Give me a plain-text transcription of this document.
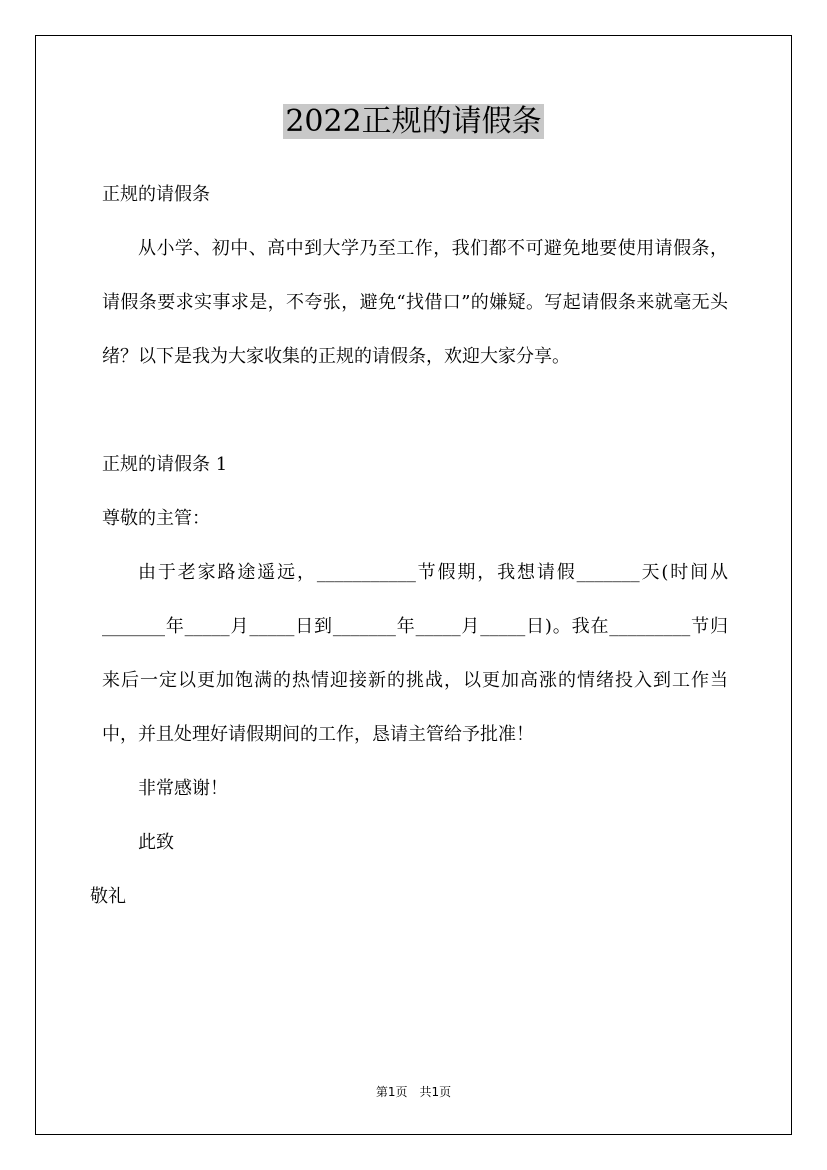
2022正规的请假条

正规的请假条

从小学、初中、高中到大学乃至工作，我们都不可避免地要使用请假条，请假条要求实事求是，不夸张，避免“找借口”的嫌疑。写起请假条来就毫无头绪？以下是我为大家收集的正规的请假条，欢迎大家分享。

正规的请假条 1

尊敬的主管：

由于老家路途遥远，___________节假期，我想请假_______天(时间从_______年_____月_____日到_______年_____月_____日)。我在_________节归来后一定以更加饱满的热情迎接新的挑战，以更加高涨的情绪投入到工作当中，并且处理好请假期间的工作，恳请主管给予批准！

非常感谢！

此致

敬礼

第1页　共1页
